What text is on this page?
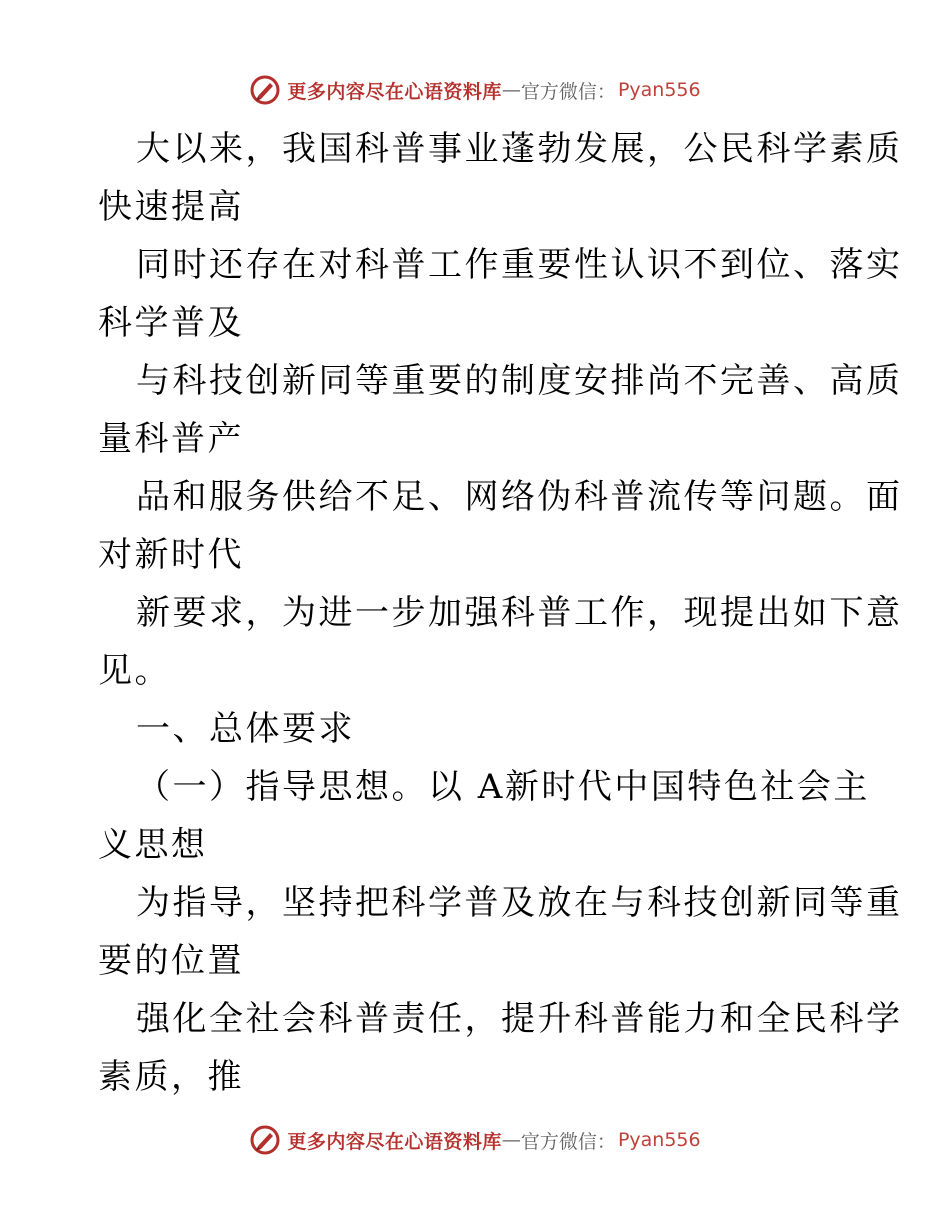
更多内容尽在心语资料库 — 官方微信： Pyan556
大以来，我国科普事业蓬勃发展，公民科学素质
快速提高
同时还存在对科普工作重要性认识不到位、落实
科学普及
与科技创新同等重要的制度安排尚不完善、高质
量科普产
品和服务供给不足、网络伪科普流传等问题。面
对新时代
新要求，为进一步加强科普工作，现提出如下意
见。
一、总体要求
（一）指导思想。以 A新时代中国特色社会主
义思想
为指导，坚持把科学普及放在与科技创新同等重
要的位置
强化全社会科普责任，提升科普能力和全民科学
素质，推
更多内容尽在心语资料库 — 官方微信： Pyan556
